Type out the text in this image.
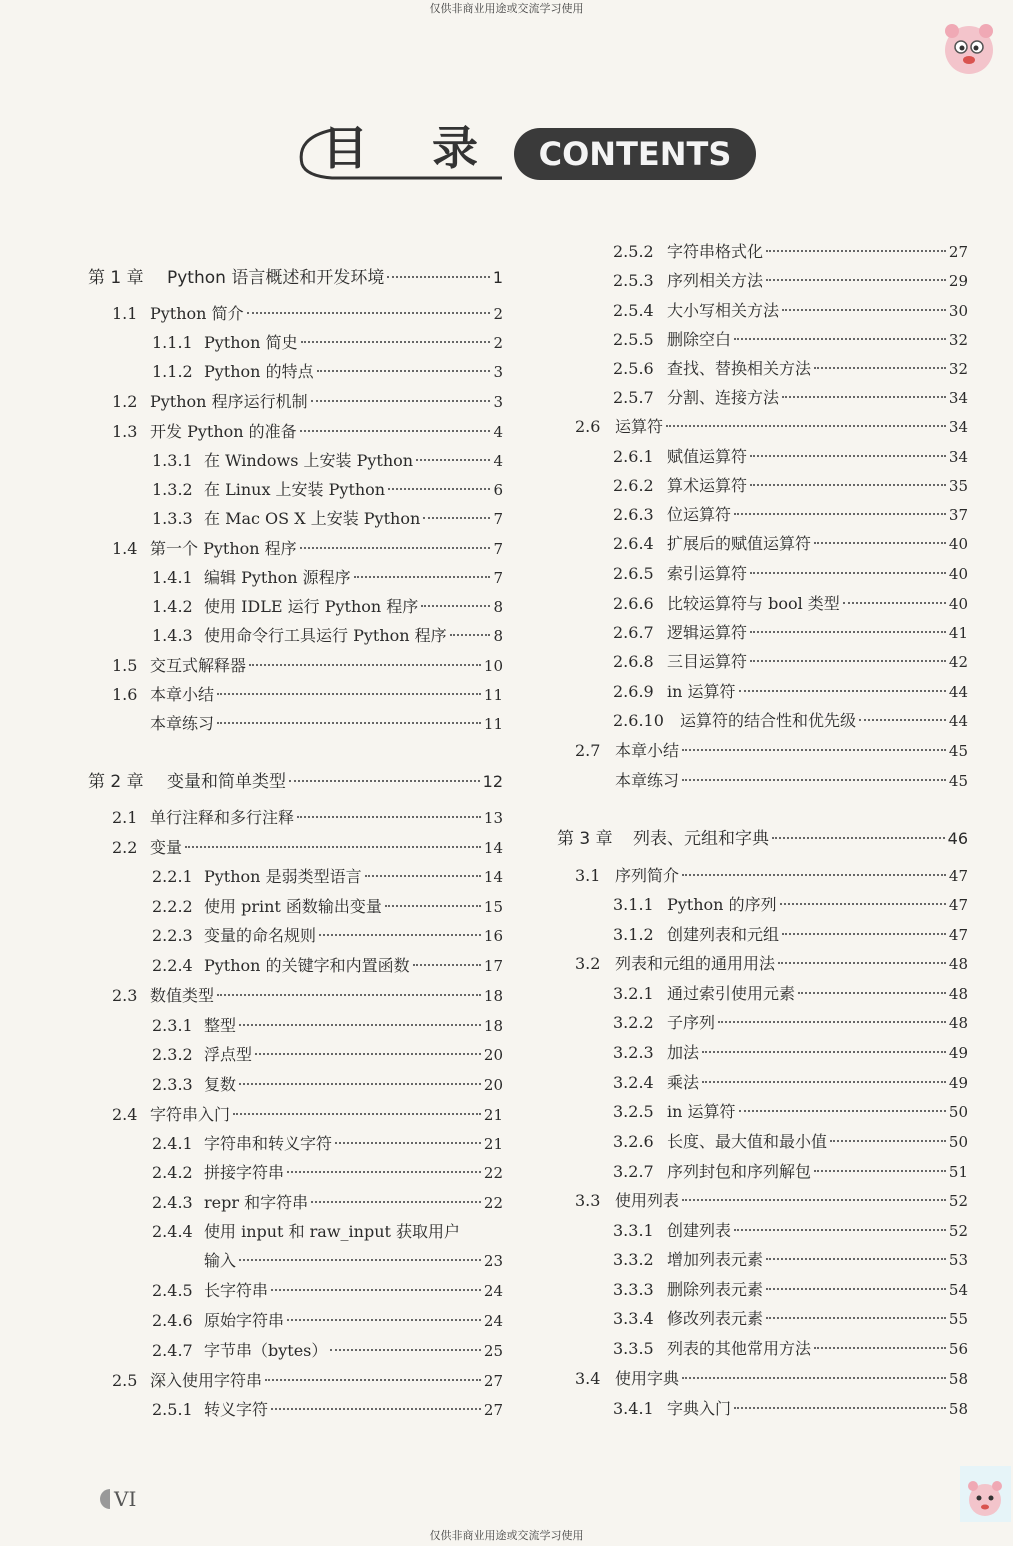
仅供非商业用途或交流学习使用
目 录	CONTENTS
第 1 章 Python 语言概述和开发环境	1
1.1 Python 简介	2
1.1.1 Python 简史	2
1.1.2 Python 的特点	3
1.2 Python 程序运行机制	3
1.3 开发 Python 的准备	4
1.3.1 在 Windows 上安装 Python	4
1.3.2 在 Linux 上安装 Python	6
1.3.3 在 Mac OS X 上安装 Python	7
1.4 第一个 Python 程序	7
1.4.1 编辑 Python 源程序	7
1.4.2 使用 IDLE 运行 Python 程序	8
1.4.3 使用命令行工具运行 Python 程序	8
1.5 交互式解释器	10
1.6 本章小结	11
本章练习	11
第 2 章 变量和简单类型	12
2.1 单行注释和多行注释	13
2.2 变量	14
2.2.1 Python 是弱类型语言	14
2.2.2 使用 print 函数输出变量	15
2.2.3 变量的命名规则	16
2.2.4 Python 的关键字和内置函数	17
2.3 数值类型	18
2.3.1 整型	18
2.3.2 浮点型	20
2.3.3 复数	20
2.4 字符串入门	21
2.4.1 字符串和转义字符	21
2.4.2 拼接字符串	22
2.4.3 repr 和字符串	22
2.4.4 使用 input 和 raw_input 获取用户
输入	23
2.4.5 长字符串	24
2.4.6 原始字符串	24
2.4.7 字节串（bytes）	25
2.5 深入使用字符串	27
2.5.1 转义字符	27
2.5.2 字符串格式化	27
2.5.3 序列相关方法	29
2.5.4 大小写相关方法	30
2.5.5 删除空白	32
2.5.6 查找、替换相关方法	32
2.5.7 分割、连接方法	34
2.6 运算符	34
2.6.1 赋值运算符	34
2.6.2 算术运算符	35
2.6.3 位运算符	37
2.6.4 扩展后的赋值运算符	40
2.6.5 索引运算符	40
2.6.6 比较运算符与 bool 类型	40
2.6.7 逻辑运算符	41
2.6.8 三目运算符	42
2.6.9 in 运算符	44
2.6.10 运算符的结合性和优先级	44
2.7 本章小结	45
本章练习	45
第 3 章 列表、元组和字典	46
3.1 序列简介	47
3.1.1 Python 的序列	47
3.1.2 创建列表和元组	47
3.2 列表和元组的通用用法	48
3.2.1 通过索引使用元素	48
3.2.2 子序列	48
3.2.3 加法	49
3.2.4 乘法	49
3.2.5 in 运算符	50
3.2.6 长度、最大值和最小值	50
3.2.7 序列封包和序列解包	51
3.3 使用列表	52
3.3.1 创建列表	52
3.3.2 增加列表元素	53
3.3.3 删除列表元素	54
3.3.4 修改列表元素	55
3.3.5 列表的其他常用方法	56
3.4 使用字典	58
3.4.1 字典入门	58
VI
仅供非商业用途或交流学习使用
